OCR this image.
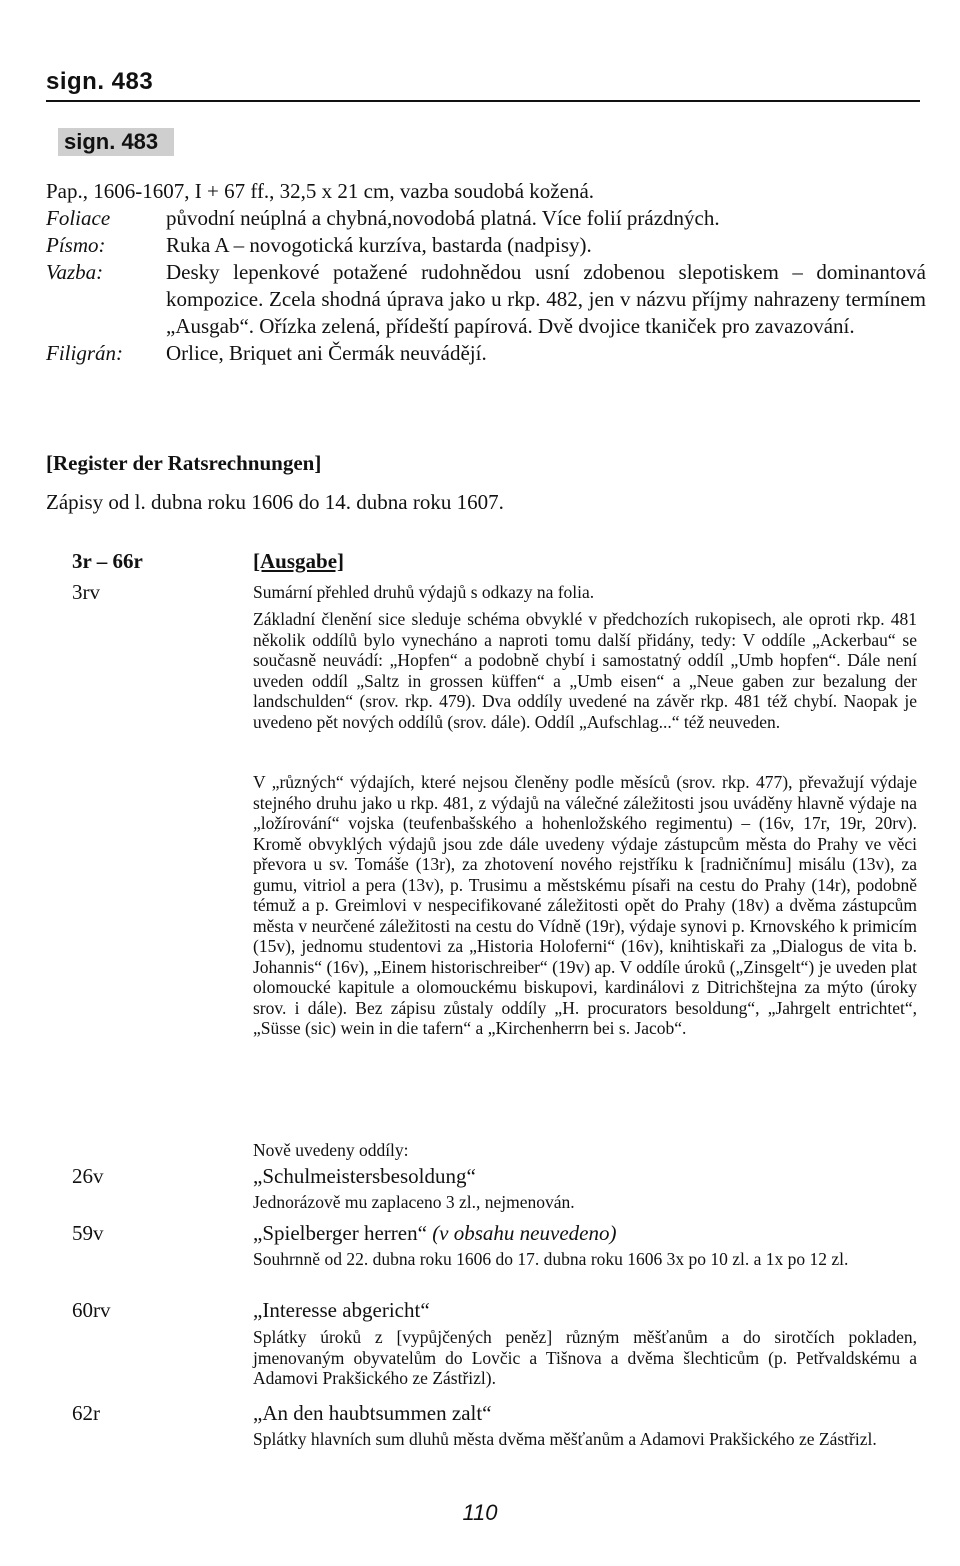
sign. 483
sign. 483
Pap., 1606-1607, I + 67 ff., 32,5 x 21 cm, vazba soudobá kožená.
Foliace	původní neúplná a chybná,novodobá platná. Více folií prázdných.
Písmo:	Ruka A – novogotická kurzíva, bastarda (nadpisy).
Vazba:	Desky lepenkové potažené rudohnědou usní zdobenou slepotiskem – dominantová kompozice. Zcela shodná úprava jako u rkp. 482, jen v názvu příjmy nahrazeny termínem „Ausgab“. Ořízka zelená, přídeští papírová. Dvě dvojice tkaniček pro zavazování.
Filigrán:	Orlice, Briquet ani Čermák neuvádějí.
[Register der Ratsrechnungen]
Zápisy od l. dubna roku 1606 do 14. dubna roku 1607.
3r – 66r	[Ausgabe]
3rv	Sumární přehled druhů výdajů s odkazy na folia.
Základní členění sice sleduje schéma obvyklé v předchozích rukopisech, ale oproti rkp. 481 několik oddílů bylo vynecháno a naproti tomu další přidány, tedy: V oddíle „Ackerbau“ se současně neuvádí: „Hopfen“ a podobně chybí i samostatný oddíl „Umb hopfen“. Dále není uveden oddíl „Saltz in grossen küffen“ a „Umb eisen“ a „Neue gaben zur bezalung der landschulden“ (srov. rkp. 479). Dva oddíly uvedené na závěr rkp. 481 též chybí. Naopak je uvedeno pět nových oddílů (srov. dále). Oddíl „Aufschlag...“ též neuveden.
V „různých“ výdajích, které nejsou členěny podle měsíců (srov. rkp. 477), převažují výdaje stejného druhu jako u rkp. 481, z výdajů na válečné záležitosti jsou uváděny hlavně výdaje na „ložírování“ vojska (teufenbašského a hohenložského regimentu) – (16v, 17r, 19r, 20rv). Kromě obvyklých výdajů jsou zde dále uvedeny výdaje zástupcům města do Prahy ve věci převora u sv. Tomáše (13r), za zhotovení nového rejstříku k [radničnímu] misálu (13v), za gumu, vitriol a pera (13v), p. Trusimu a městskému písaři na cestu do Prahy (14r), podobně témuž a p. Greimlovi v nespecifikované záležitosti opět do Prahy (18v) a dvěma zástupcům města v neurčené záležitosti na cestu do Vídně (19r), výdaje synovi p. Krnovského k primicím (15v), jednomu studentovi za „Historia Holoferni“ (16v), knihtiskaři za „Dialogus de vita b. Johannis“ (16v), „Einem historischreiber“ (19v) ap. V oddíle úroků („Zinsgelt“) je uveden plat olomoucké kapitule a olomouckému biskupovi, kardinálovi z Ditrichštejna za mýto (úroky srov. i dále). Bez zápisu zůstaly oddíly „H. procurators besoldung“, „Jahrgelt entrichtet“, „Süsse (sic) wein in die tafern“ a „Kirchenherrn bei s. Jacob“.
Nově uvedeny oddíly:
26v	„Schulmeistersbesoldung“
Jednorázově mu zaplaceno 3 zl., nejmenován.
59v	„Spielberger herren“ (v obsahu neuvedeno)
Souhrnně od 22. dubna roku 1606 do 17. dubna roku 1606 3x po 10 zl. a 1x po 12 zl.
60rv	„Interesse abgericht“
Splátky úroků z [vypůjčených peněz] různým měšťanům a do sirotčích pokladen, jmenovaným obyvatelům do Lovčic a Tišnova a dvěma šlechticům (p. Petřvaldskému a Adamovi Prakšického ze Zástřizl).
62r	„An den haubtsummen zalt“
Splátky hlavních sum dluhů města dvěma měšťanům a Adamovi Prakšického ze Zástřizl.
110
